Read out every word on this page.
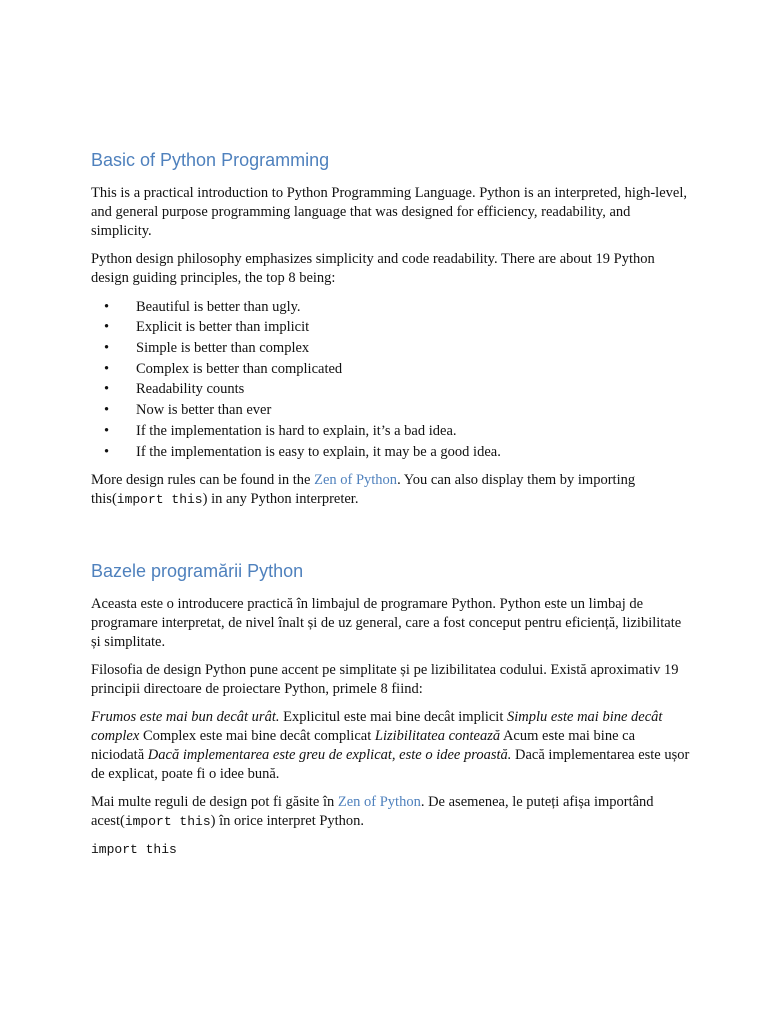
Basic of Python Programming

This is a practical introduction to Python Programming Language. Python is an interpreted, high-level, and general purpose programming language that was designed for efficiency, readability, and simplicity.

Python design philosophy emphasizes simplicity and code readability. There are about 19 Python design guiding principles, the top 8 being:

• Beautiful is better than ugly.
• Explicit is better than implicit
• Simple is better than complex
• Complex is better than complicated
• Readability counts
• Now is better than ever
• If the implementation is hard to explain, it’s a bad idea.
• If the implementation is easy to explain, it may be a good idea.

More design rules can be found in the Zen of Python. You can also display them by importing this(import this) in any Python interpreter.

Bazele programării Python

Aceasta este o introducere practică în limbajul de programare Python. Python este un limbaj de programare interpretat, de nivel înalt și de uz general, care a fost conceput pentru eficiență, lizibilitate și simplitate.

Filosofia de design Python pune accent pe simplitate și pe lizibilitatea codului. Există aproximativ 19 principii directoare de proiectare Python, primele 8 fiind:

Frumos este mai bun decât urât. Explicitul este mai bine decât implicit Simplu este mai bine decât complex Complex este mai bine decât complicat Lizibilitatea contează Acum este mai bine ca niciodată Dacă implementarea este greu de explicat, este o idee proastă. Dacă implementarea este ușor de explicat, poate fi o idee bună.

Mai multe reguli de design pot fi găsite în Zen of Python. De asemenea, le puteți afișa importând acest(import this) în orice interpret Python.

import this
